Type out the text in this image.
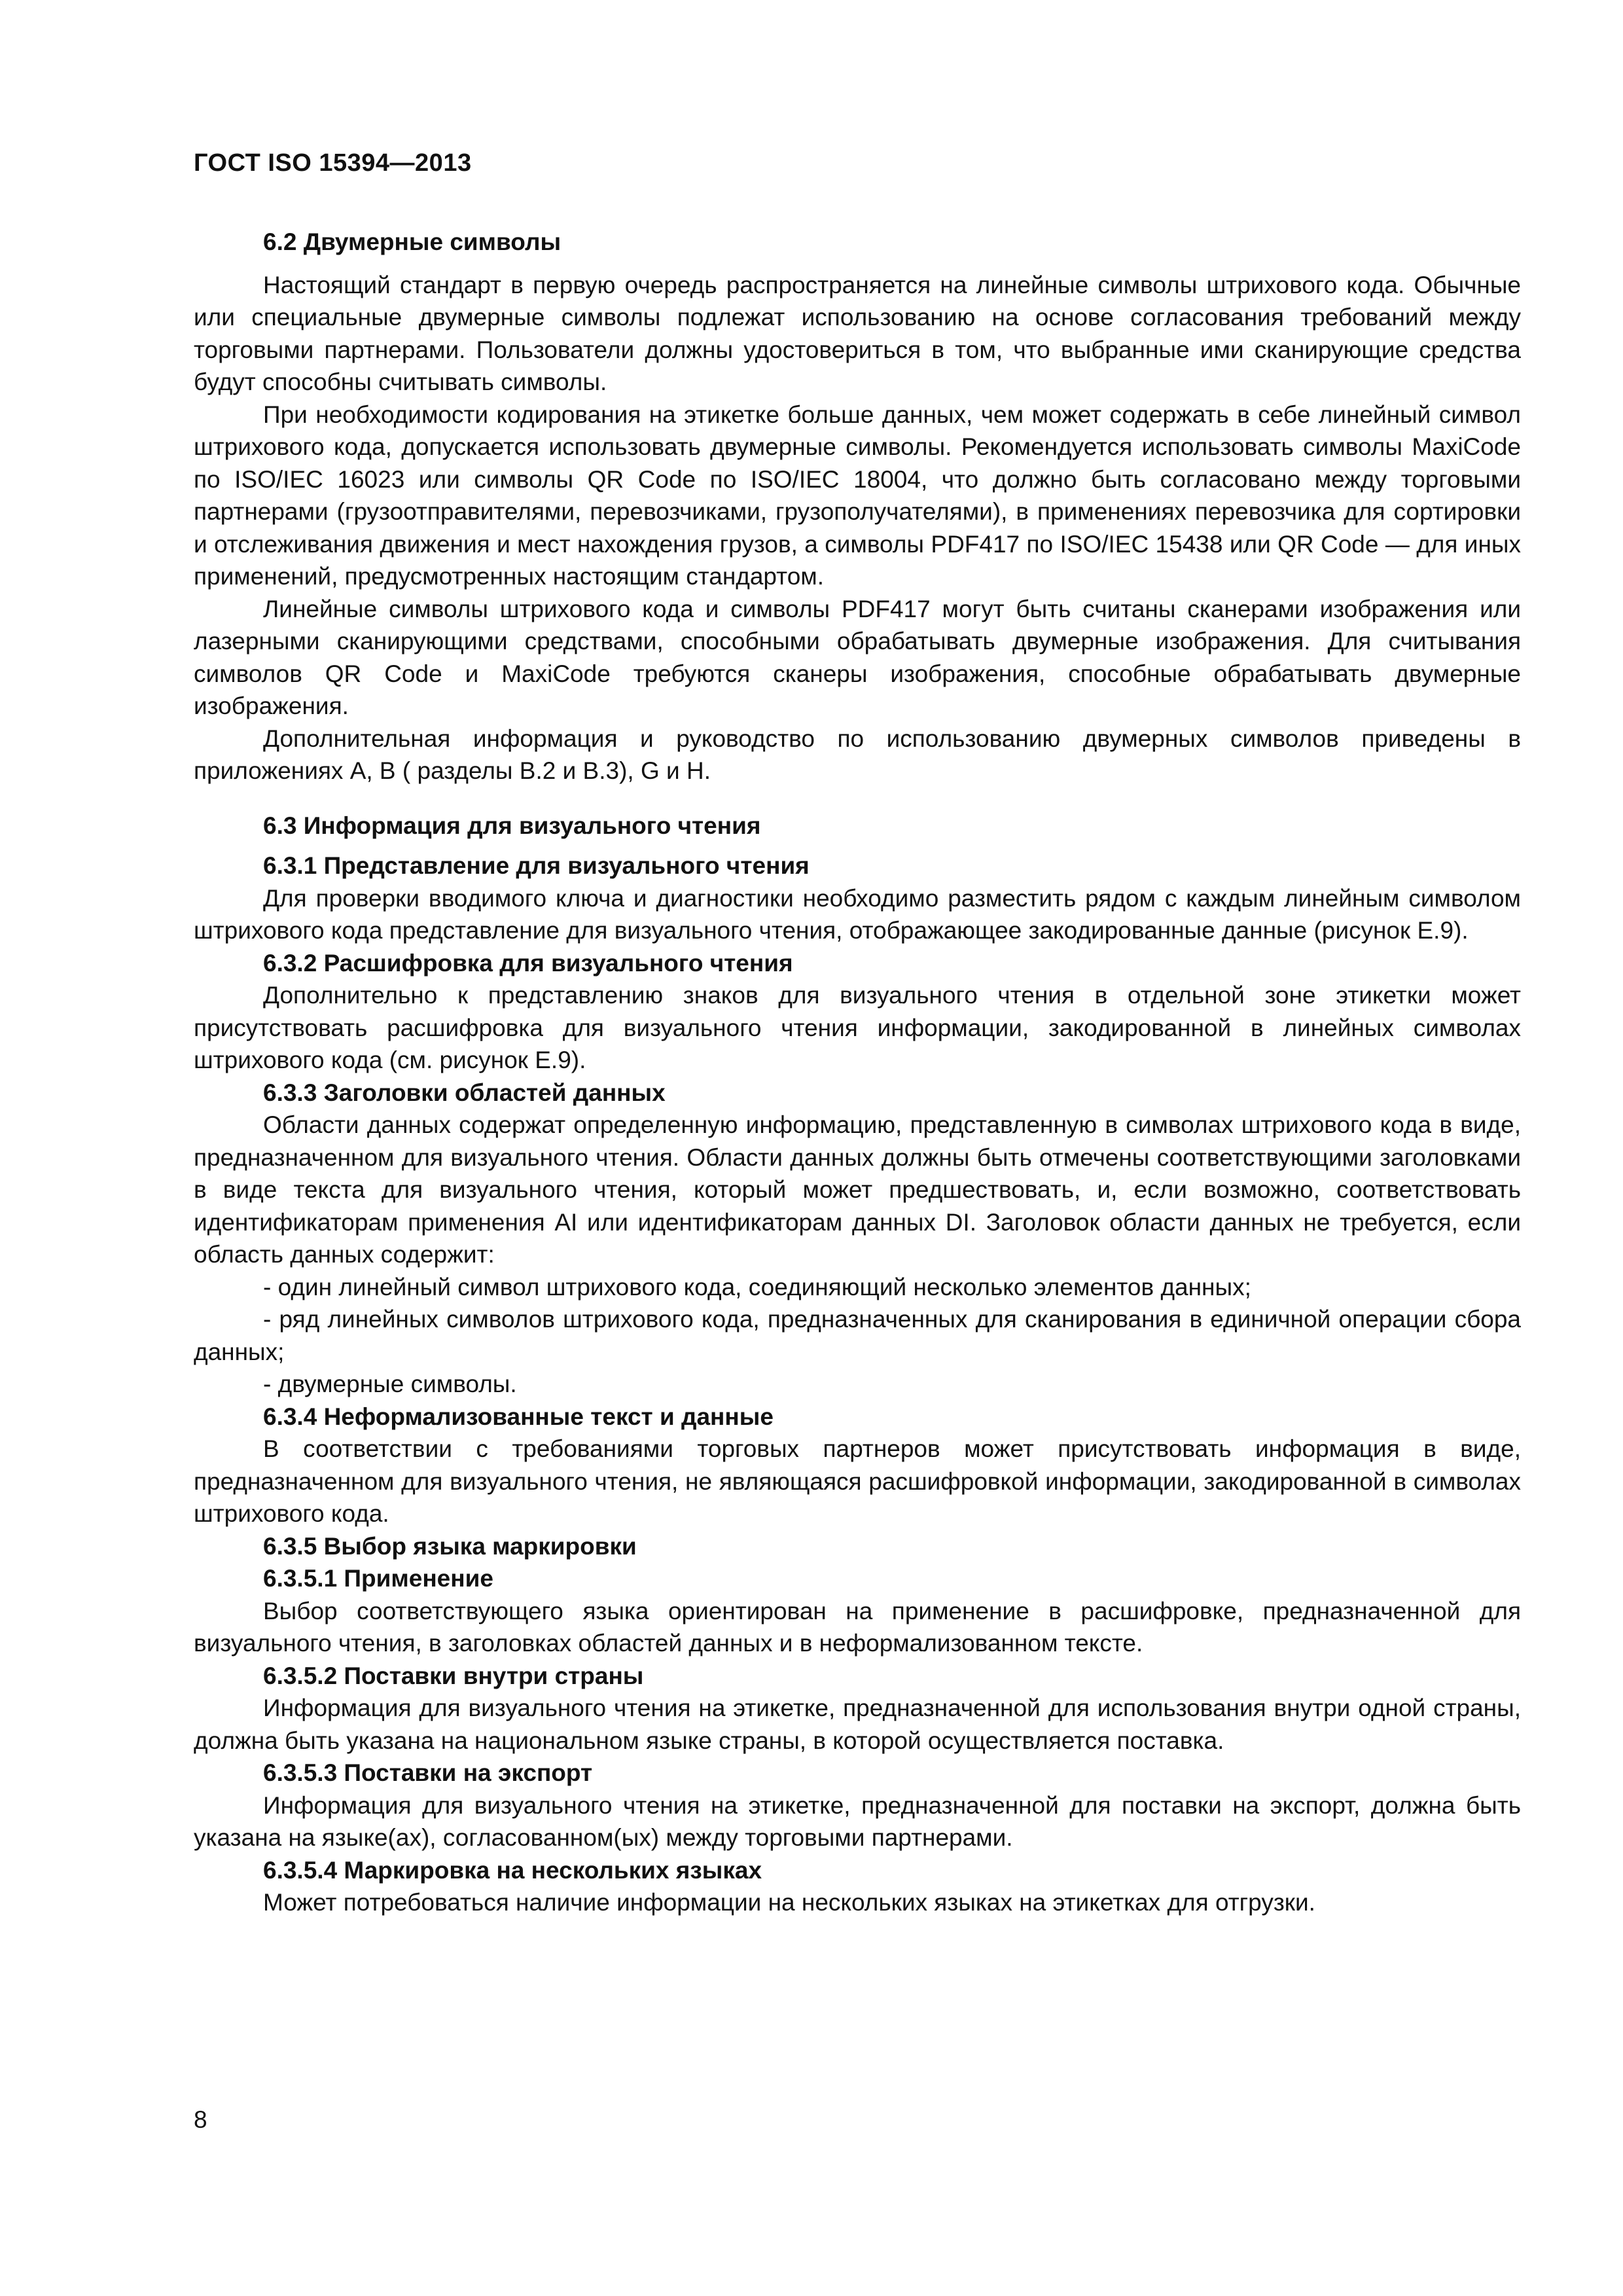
ГОСТ ISO 15394—2013
6.2 Двумерные символы

Настоящий стандарт в первую очередь распространяется на линейные символы штрихового кода. Обычные или специальные двумерные символы подлежат использованию на основе согласования требований между торговыми партнерами. Пользователи должны удостовериться в том, что выбранные ими сканирующие средства будут способны считывать символы.

При необходимости кодирования на этикетке больше данных, чем может содержать в себе линейный символ штрихового кода, допускается использовать двумерные символы. Рекомендуется использовать символы MaxiCode по ISO/IEC 16023 или символы QR Code по ISO/IEC 18004, что должно быть согласовано между торговыми партнерами (грузоотправителями, перевозчиками, грузополучателями), в применениях перевозчика для сортировки и отслеживания движения и мест нахождения грузов, а символы PDF417 по ISO/IEC 15438 или QR Code — для иных применений, предусмотренных настоящим стандартом.

Линейные символы штрихового кода и символы PDF417 могут быть считаны сканерами изображения или лазерными сканирующими средствами, способными обрабатывать двумерные изображения. Для считывания символов QR Code и MaxiCode требуются сканеры изображения, способные обрабатывать двумерные изображения.

Дополнительная информация и руководство по использованию двумерных символов приведены в приложениях А, В ( разделы В.2 и В.3), G и Н.

6.3 Информация для визуального чтения
6.3.1 Представление для визуального чтения

Для проверки вводимого ключа и диагностики необходимо разместить рядом с каждым линейным символом штрихового кода представление для визуального чтения, отображающее закодированные данные (рисунок Е.9).

6.3.2 Расшифровка для визуального чтения

Дополнительно к представлению знаков для визуального чтения в отдельной зоне этикетки может присутствовать расшифровка для визуального чтения информации, закодированной в линейных символах штрихового кода (см. рисунок Е.9).

6.3.3 Заголовки областей данных

Области данных содержат определенную информацию, представленную в символах штрихового кода в виде, предназначенном для визуального чтения. Области данных должны быть отмечены соответствующими заголовками в виде текста для визуального чтения, который может предшествовать, и, если возможно, соответствовать идентификаторам применения AI или идентификаторам данных DI. Заголовок области данных не требуется, если область данных содержит:

- один линейный символ штрихового кода, соединяющий несколько элементов данных;

- ряд линейных символов штрихового кода, предназначенных для сканирования в единичной операции сбора данных;

- двумерные символы.

6.3.4 Неформализованные текст и данные

В соответствии с требованиями торговых партнеров может присутствовать информация в виде, предназначенном для визуального чтения, не являющаяся расшифровкой информации, закодированной в символах штрихового кода.

6.3.5 Выбор языка маркировки
6.3.5.1 Применение

Выбор соответствующего языка ориентирован на применение в расшифровке, предназначенной для визуального чтения, в заголовках областей данных и в неформализованном тексте.

6.3.5.2 Поставки внутри страны

Информация для визуального чтения на этикетке, предназначенной для использования внутри одной страны, должна быть указана на национальном языке страны, в которой осуществляется поставка.

6.3.5.3 Поставки на экспорт

Информация для визуального чтения на этикетке, предназначенной для поставки на экспорт, должна быть указана на языке(ах), согласованном(ых) между торговыми партнерами.

6.3.5.4 Маркировка на нескольких языках

Может потребоваться наличие информации на нескольких языках на этикетках для отгрузки.

8
